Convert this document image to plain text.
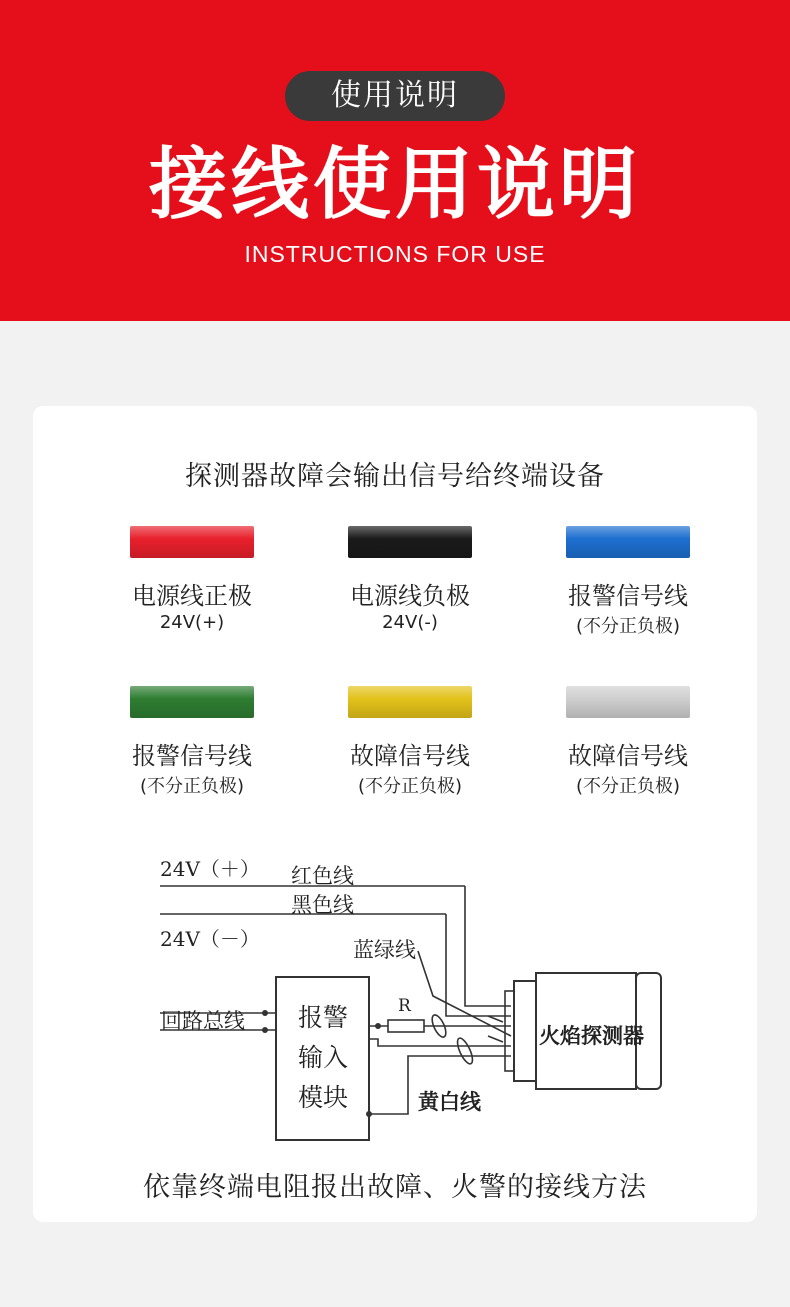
使用说明
接线使用说明
INSTRUCTIONS FOR USE
探测器故障会输出信号给终端设备
电源线正极
24V(+)
电源线负极
24V(-)
报警信号线
(不分正负极)
报警信号线
(不分正负极)
故障信号线
(不分正负极)
故障信号线
(不分正负极)
24V（＋）
24V（－）
红色线
黑色线
蓝绿线
回路总线 报警
输入
模块
R
黄白线
火焰探测器
依靠终端电阻报出故障、火警的接线方法
